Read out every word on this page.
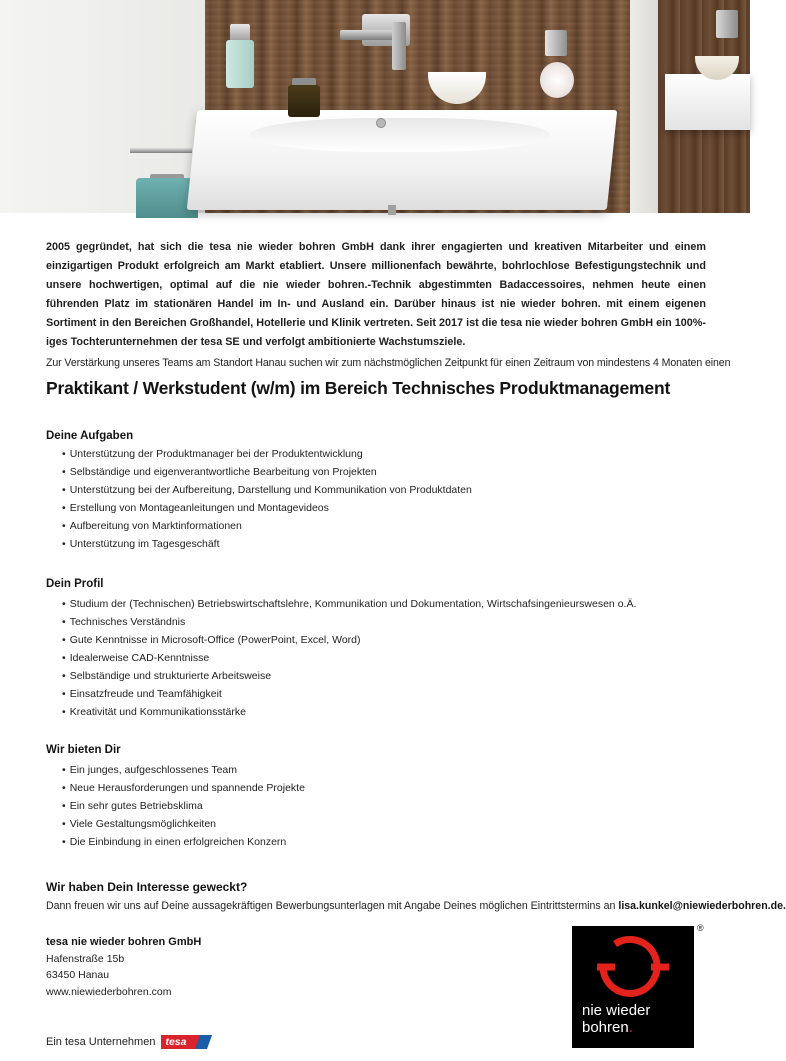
2005 gegründet, hat sich die tesa nie wieder bohren GmbH dank ihrer engagierten und kreativen Mitarbeiter und einem einzigartigen Produkt erfolgreich am Markt etabliert. Unsere millionenfach bewährte, bohrlochlose Befestigungstechnik und unsere hochwertigen, optimal auf die nie wieder bohren.-Technik abgestimmten Badaccessoires, nehmen heute einen führenden Platz im stationären Handel im In- und Ausland ein. Darüber hinaus ist nie wieder bohren. mit einem eigenen Sortiment in den Bereichen Großhandel, Hotellerie und Klinik vertreten. Seit 2017 ist die tesa nie wieder bohren GmbH ein 100%-iges Tochterunternehmen der tesa SE und verfolgt ambitionierte Wachstumsziele.

Zur Verstärkung unseres Teams am Standort Hanau suchen wir zum nächstmöglichen Zeitpunkt für einen Zeitraum von mindestens 4 Monaten einen

Praktikant / Werkstudent (w/m) im Bereich Technisches Produktmanagement
Deine Aufgaben
• Unterstützung der Produktmanager bei der Produktentwicklung
• Selbständige und eigenverantwortliche Bearbeitung von Projekten
• Unterstützung bei der Aufbereitung, Darstellung und Kommunikation von Produktdaten
• Erstellung von Montageanleitungen und Montagevideos
• Aufbereitung von Marktinformationen
• Unterstützung im Tagesgeschäft
Dein Profil
• Studium der (Technischen) Betriebswirtschaftslehre, Kommunikation und Dokumentation, Wirtschafsingenieurswesen o.Ä.
• Technisches Verständnis
• Gute Kenntnisse in Microsoft-Office (PowerPoint, Excel, Word)
• Idealerweise CAD-Kenntnisse
• Selbständige und strukturierte Arbeitsweise
• Einsatzfreude und Teamfähigkeit
• Kreativität und Kommunikationsstärke
Wir bieten Dir
• Ein junges, aufgeschlossenes Team
• Neue Herausforderungen und spannende Projekte
• Ein sehr gutes Betriebsklima
• Viele Gestaltungsmöglichkeiten
• Die Einbindung in einen erfolgreichen Konzern
Wir haben Dein Interesse geweckt?

Dann freuen wir uns auf Deine aussagekräftigen Bewerbungsunterlagen mit Angabe Deines möglichen Eintrittstermins an lisa.kunkel@niewiederbohren.de.

tesa nie wieder bohren GmbH
Hafenstraße 15b
63450 Hanau
www.niewiederbohren.com
Ein tesa Unternehmen tesa
nie wieder
bohren.
®
